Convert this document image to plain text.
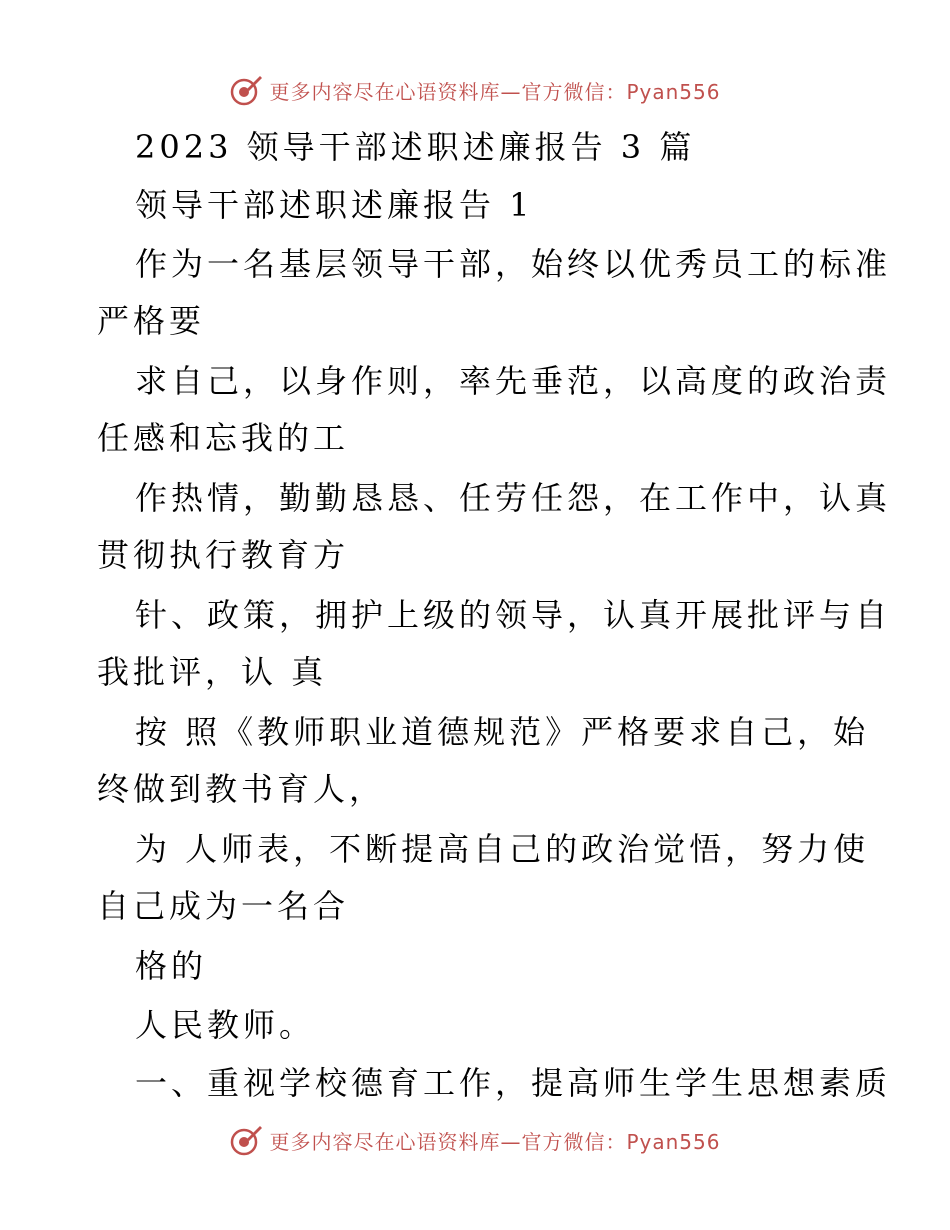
更多内容尽在心语资料库—官方微信：Pyan556
2023 领导干部述职述廉报告 3 篇
领导干部述职述廉报告 1
作为一名基层领导干部，始终以优秀员工的标准
严格要
求自己，以身作则，率先垂范，以高度的政治责
任感和忘我的工
作热情，勤勤恳恳、任劳任怨，在工作中，认真
贯彻执行教育方
针、政策，拥护上级的领导，认真开展批评与自
我批评，认 真
按 照《教师职业道德规范》严格要求自己，始
终做到教书育人，
为 人师表，不断提高自己的政治觉悟，努力使
自己成为一名合
格的
人民教师。
一、重视学校德育工作，提高师生学生思想素质
更多内容尽在心语资料库—官方微信：Pyan556
